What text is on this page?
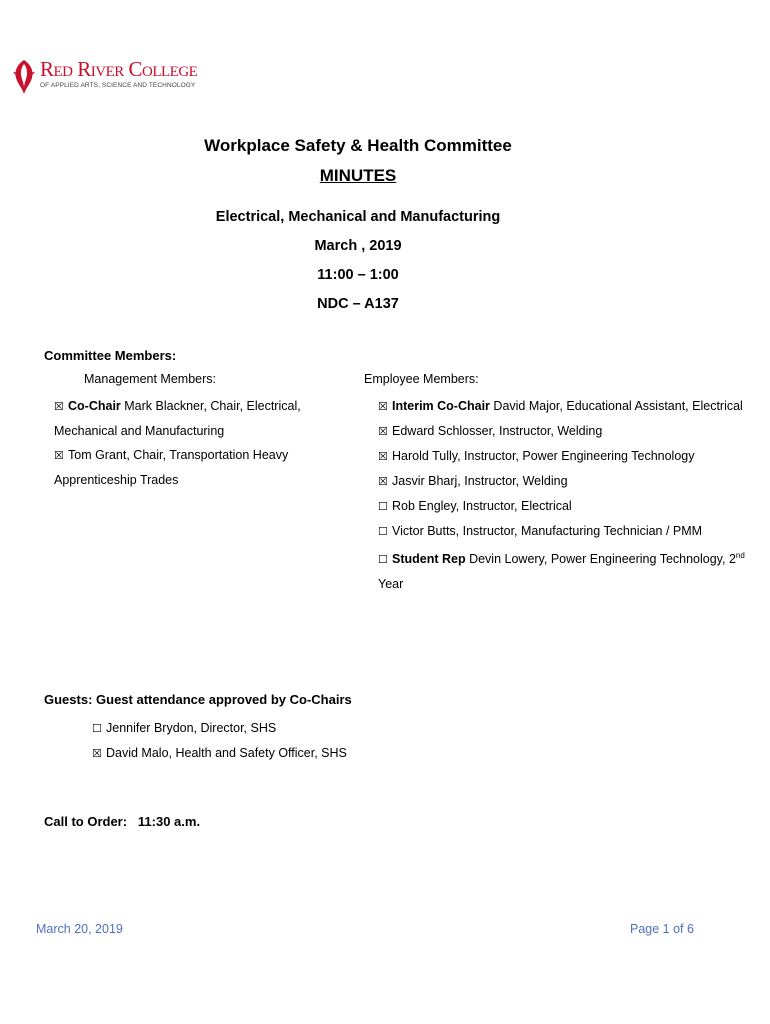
Red River College
OF APPLIED ARTS, SCIENCE AND TECHNOLOGY
Workplace Safety & Health Committee
MINUTES
Electrical, Mechanical and Manufacturing
March , 2019
11:00 – 1:00
NDC – A137
Committee Members:
Management Members:	Employee Members:
☒ Co-Chair Mark Blackner, Chair, Electrical, Mechanical and Manufacturing
☒ Tom Grant, Chair, Transportation Heavy Apprenticeship Trades
☒ Interim Co-Chair David Major, Educational Assistant, Electrical
☒ Edward Schlosser, Instructor, Welding
☒ Harold Tully, Instructor, Power Engineering Technology
☒ Jasvir Bharj, Instructor, Welding
☐ Rob Engley, Instructor, Electrical
☐ Victor Butts, Instructor, Manufacturing Technician / PMM
☐ Student Rep Devin Lowery, Power Engineering Technology, 2nd Year
Guests: Guest attendance approved by Co-Chairs
☐ Jennifer Brydon, Director, SHS
☒ David Malo, Health and Safety Officer, SHS
Call to Order:   11:30 a.m.
March 20, 2019	Page 1 of 6
